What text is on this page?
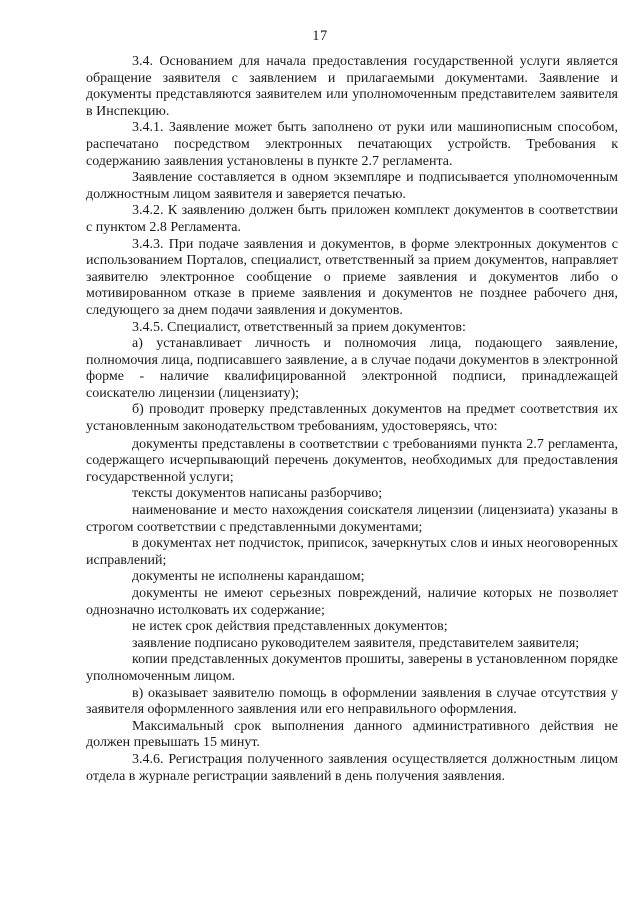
17

3.4. Основанием для начала предоставления государственной услуги является обращение заявителя с заявлением и прилагаемыми документами. Заявление и документы представляются заявителем или уполномоченным представителем заявителя в Инспекцию.

3.4.1. Заявление может быть заполнено от руки или машинописным способом, распечатано посредством электронных печатающих устройств. Требования к содержанию заявления установлены в пункте 2.7 регламента.

Заявление составляется в одном экземпляре и подписывается уполномоченным должностным лицом заявителя и заверяется печатью.

3.4.2. К заявлению должен быть приложен комплект документов в соответствии с пунктом 2.8 Регламента.

3.4.3. При подаче заявления и документов, в форме электронных документов с использованием Порталов, специалист, ответственный за прием документов, направляет заявителю электронное сообщение о приеме заявления и документов либо о мотивированном отказе в приеме заявления и документов не позднее рабочего дня, следующего за днем подачи заявления и документов.

3.4.5. Специалист, ответственный за прием документов:

а) устанавливает личность и полномочия лица, подающего заявление, полномочия лица, подписавшего заявление, а в случае подачи документов в электронной форме - наличие квалифицированной электронной подписи, принадлежащей соискателю лицензии (лицензиату);

б) проводит проверку представленных документов на предмет соответствия их установленным законодательством требованиям, удостоверяясь, что:

документы представлены в соответствии с требованиями пункта 2.7 регламента, содержащего исчерпывающий перечень документов, необходимых для предоставления государственной услуги;

тексты документов написаны разборчиво;

наименование и место нахождения соискателя лицензии (лицензиата) указаны в строгом соответствии с представленными документами;

в документах нет подчисток, приписок, зачеркнутых слов и иных неоговоренных исправлений;

документы не исполнены карандашом;

документы не имеют серьезных повреждений, наличие которых не позволяет однозначно истолковать их содержание;

не истек срок действия представленных документов;

заявление подписано руководителем заявителя, представителем заявителя;

копии представленных документов прошиты, заверены в установленном порядке уполномоченным лицом.

в) оказывает заявителю помощь в оформлении заявления в случае отсутствия у заявителя оформленного заявления или его неправильного оформления.

Максимальный срок выполнения данного административного действия не должен превышать 15 минут.

3.4.6. Регистрация полученного заявления осуществляется должностным лицом отдела в журнале регистрации заявлений в день получения заявления.
